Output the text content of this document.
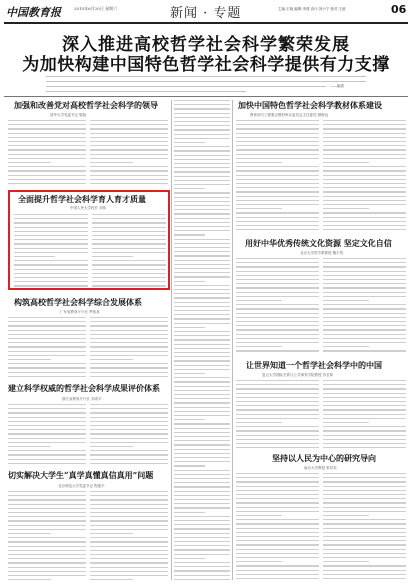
中国教育报	2015年6月20日 星期六	新闻 · 专题	主编:王晓 编辑:李建 设计:刘小宁 校对:王丽	06
深入推进高校哲学社会科学繁荣发展
为加快构建中国特色哲学社会科学提供有力支撑
——编者
加强和改善党对高校哲学社会科学的领导
清华大学党委书记 陈旭
全面提升哲学社会科学育人育才质量
中国人民大学校长 刘伟
构筑高校哲学社会科学综合发展体系
广东省教育厅厅长 罗伟其
建立科学权威的哲学社会科学成果评价体系
浙江省教育厅厅长 刘希平
切实解决大学生“真学真懂真信真用”问题
北京师范大学党委书记 程建平
加快中国特色哲学社会科学教材体系建设
教育部马工程重点教材审议委员会主任委员 顾海良
用好中华优秀传统文化资源 坚定文化自信
北京大学哲学系教授 楼宇烈
让世界知道一个哲学社会科学中的中国
复旦大学国际关系与公共事务学院教授 苏长和
坚持以人民为中心的研究导向
南京大学教授 张异宾
